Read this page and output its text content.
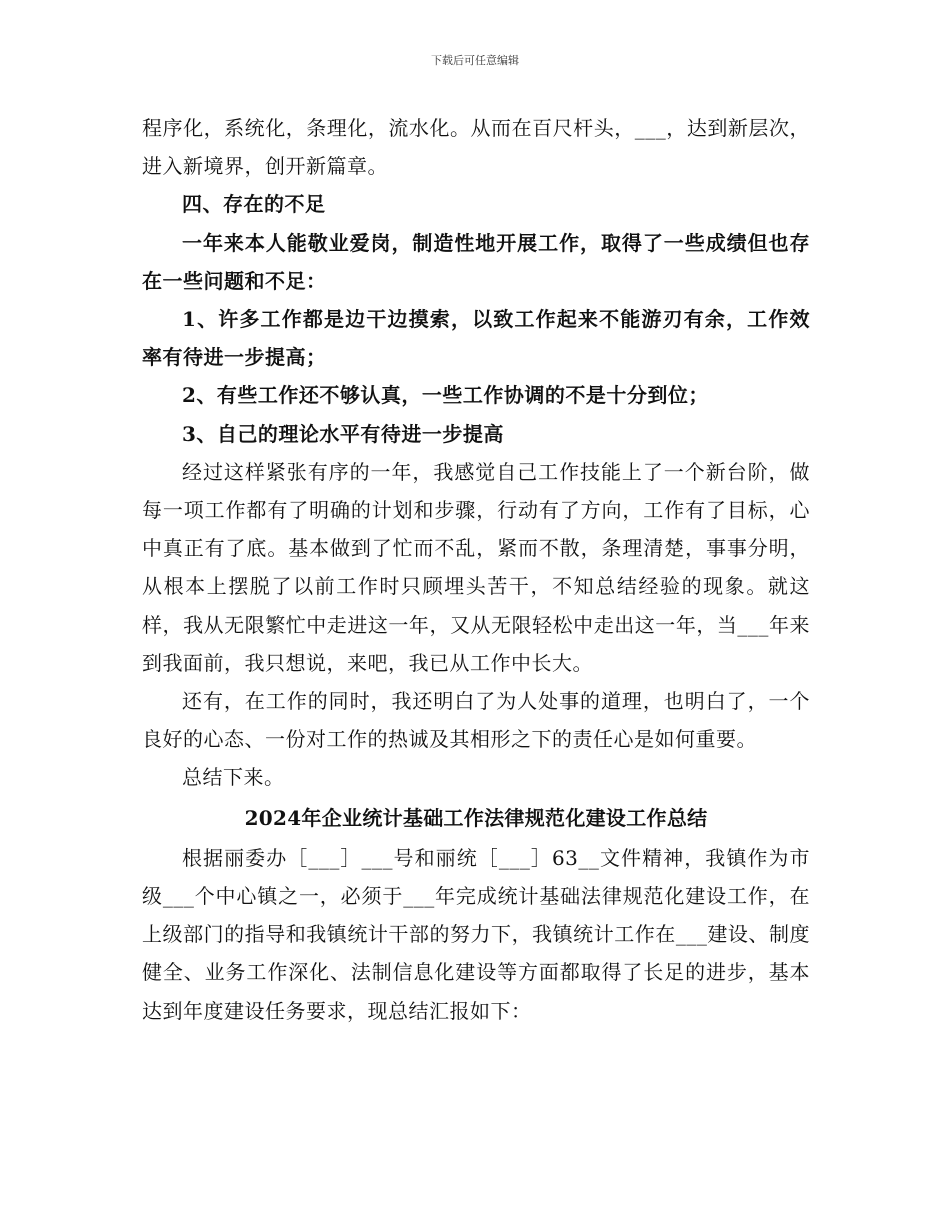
下载后可任意编辑

程序化，系统化，条理化，流水化。从而在百尺杆头，___，达到新层次，进入新境界，创开新篇章。

四、存在的不足

一年来本人能敬业爱岗，制造性地开展工作，取得了一些成绩但也存在一些问题和不足：

1、许多工作都是边干边摸索，以致工作起来不能游刃有余，工作效率有待进一步提高；

2、有些工作还不够认真，一些工作协调的不是十分到位；

3、自己的理论水平有待进一步提高

经过这样紧张有序的一年，我感觉自己工作技能上了一个新台阶，做每一项工作都有了明确的计划和步骤，行动有了方向，工作有了目标，心中真正有了底。基本做到了忙而不乱，紧而不散，条理清楚，事事分明，从根本上摆脱了以前工作时只顾埋头苦干，不知总结经验的现象。就这样，我从无限繁忙中走进这一年，又从无限轻松中走出这一年，当___年来到我面前，我只想说，来吧，我已从工作中长大。

还有，在工作的同时，我还明白了为人处事的道理，也明白了，一个良好的心态、一份对工作的热诚及其相形之下的责任心是如何重要。

总结下来。

2024年企业统计基础工作法律规范化建设工作总结

根据丽委办［___］___号和丽统［___］63__文件精神，我镇作为市级___个中心镇之一，必须于___年完成统计基础法律规范化建设工作，在上级部门的指导和我镇统计干部的努力下，我镇统计工作在___建设、制度健全、业务工作深化、法制信息化建设等方面都取得了长足的进步，基本达到年度建设任务要求，现总结汇报如下：
